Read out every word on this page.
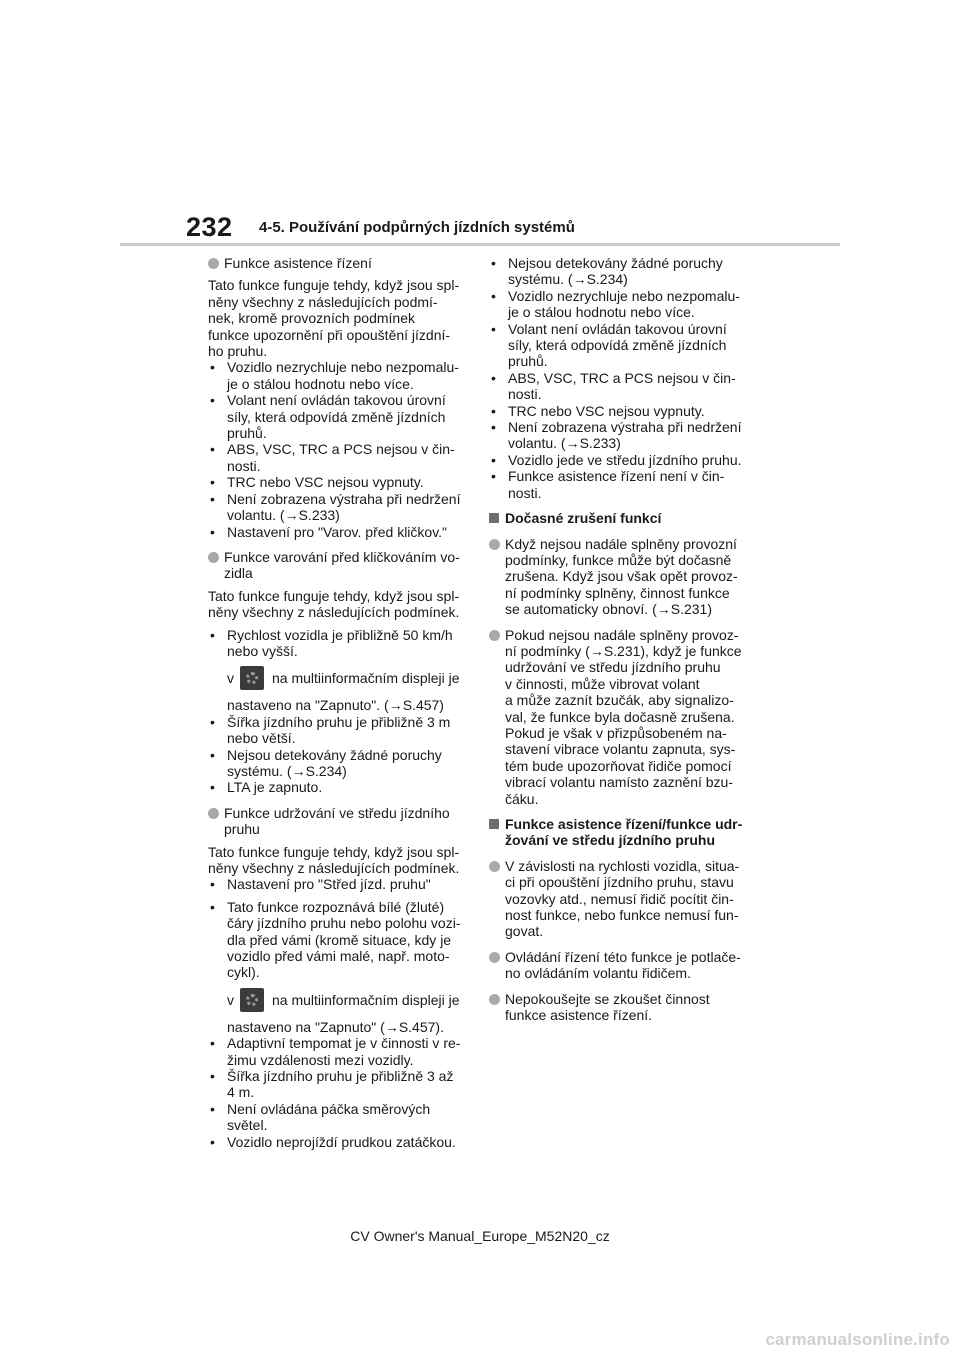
232 4-5. Používání podpůrných jízdních systémů
Funkce asistence řízení
Tato funkce funguje tehdy, když jsou spl-
něny všechny z následujících podmí-
nek, kromě provozních podmínek
funkce upozornění při opouštění jízdní-
ho pruhu.
• Vozidlo nezrychluje nebo nezpomalu-
je o stálou hodnotu nebo více.
• Volant není ovládán takovou úrovní
síly, která odpovídá změně jízdních
pruhů.
• ABS, VSC, TRC a PCS nejsou v čin-
nosti.
• TRC nebo VSC nejsou vypnuty.
• Není zobrazena výstraha při nedržení
volantu. (→S.233)
• Nastavení pro "Varov. před kličkov."
Funkce varování před kličkováním vo-
zidla
Tato funkce funguje tehdy, když jsou spl-
něny všechny z následujících podmínek.
• Rychlost vozidla je přibližně 50 km/h
nebo vyšší.
v	na multiinformačním displeji je
nastaveno na "Zapnuto". (→S.457)
• Šířka jízdního pruhu je přibližně 3 m
nebo větší.
• Nejsou detekovány žádné poruchy
systému. (→S.234)
• LTA je zapnuto.
Funkce udržování ve středu jízdního
pruhu
Tato funkce funguje tehdy, když jsou spl-
něny všechny z následujících podmínek.
• Nastavení pro "Střed jízd. pruhu"
• Tato funkce rozpoznává bílé (žluté)
čáry jízdního pruhu nebo polohu vozi-
dla před vámi (kromě situace, kdy je
vozidlo před vámi malé, např. moto-
cykl).
v	na multiinformačním displeji je
nastaveno na "Zapnuto" (→S.457).
• Adaptivní tempomat je v činnosti v re-
žimu vzdálenosti mezi vozidly.
• Šířka jízdního pruhu je přibližně 3 až
4 m.
• Není ovládána páčka směrových světel.
• Vozidlo neprojíždí prudkou zatáčkou.
• Nejsou detekovány žádné poruchy
systému. (→S.234)
• Vozidlo nezrychluje nebo nezpomalu-
je o stálou hodnotu nebo více.
• Volant není ovládán takovou úrovní
síly, která odpovídá změně jízdních
pruhů.
• ABS, VSC, TRC a PCS nejsou v čin-
nosti.
• TRC nebo VSC nejsou vypnuty.
• Není zobrazena výstraha při nedržení
volantu. (→S.233)
• Vozidlo jede ve středu jízdního pruhu.
• Funkce asistence řízení není v čin-
nosti.
Dočasné zrušení funkcí
Když nejsou nadále splněny provozní
podmínky, funkce může být dočasně
zrušena. Když jsou však opět provoz-
ní podmínky splněny, činnost funkce
se automaticky obnoví. (→S.231)
Pokud nejsou nadále splněny provoz-
ní podmínky (→S.231), když je funkce
udržování ve středu jízdního pruhu
v činnosti, může vibrovat volant
a může zaznít bzučák, aby signalizo-
val, že funkce byla dočasně zrušena.
Pokud je však v přizpůsobeném na-
stavení vibrace volantu zapnuta, sys-
tém bude upozorňovat řidiče pomocí
vibrací volantu namísto zaznění bzu-
čáku.
Funkce asistence řízení/funkce udr-
žování ve středu jízdního pruhu
V závislosti na rychlosti vozidla, situa-
ci při opouštění jízdního pruhu, stavu
vozovky atd., nemusí řidič pocítit čin-
nost funkce, nebo funkce nemusí fun-
govat.
Ovládání řízení této funkce je potlače-
no ovládáním volantu řidičem.
Nepokoušejte se zkoušet činnost
funkce asistence řízení.
CV Owner's Manual_Europe_M52N20_cz
carmanualsonline.info
